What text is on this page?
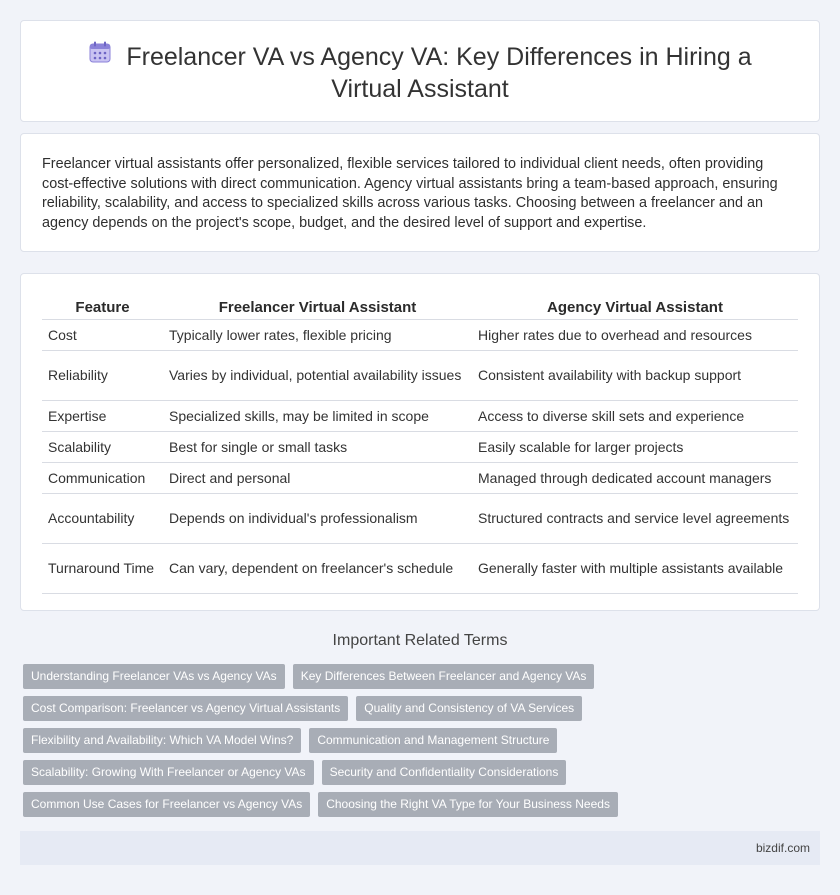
Freelancer VA vs Agency VA: Key Differences in Hiring a Virtual Assistant

Freelancer virtual assistants offer personalized, flexible services tailored to individual client needs, often providing cost-effective solutions with direct communication. Agency virtual assistants bring a team-based approach, ensuring reliability, scalability, and access to specialized skills across various tasks. Choosing between a freelancer and an agency depends on the project's scope, budget, and the desired level of support and expertise.

Feature	Freelancer Virtual Assistant	Agency Virtual Assistant
Cost	Typically lower rates, flexible pricing	Higher rates due to overhead and resources
Reliability	Varies by individual, potential availability issues	Consistent availability with backup support
Expertise	Specialized skills, may be limited in scope	Access to diverse skill sets and experience
Scalability	Best for single or small tasks	Easily scalable for larger projects
Communication	Direct and personal	Managed through dedicated account managers
Accountability	Depends on individual's professionalism	Structured contracts and service level agreements
Turnaround Time	Can vary, dependent on freelancer's schedule	Generally faster with multiple assistants available
Important Related Terms
Understanding Freelancer VAs vs Agency VAs	Key Differences Between Freelancer and Agency VAs
Cost Comparison: Freelancer vs Agency Virtual Assistants	Quality and Consistency of VA Services
Flexibility and Availability: Which VA Model Wins?	Communication and Management Structure
Scalability: Growing With Freelancer or Agency VAs	Security and Confidentiality Considerations
Common Use Cases for Freelancer vs Agency VAs	Choosing the Right VA Type for Your Business Needs
bizdif.com
